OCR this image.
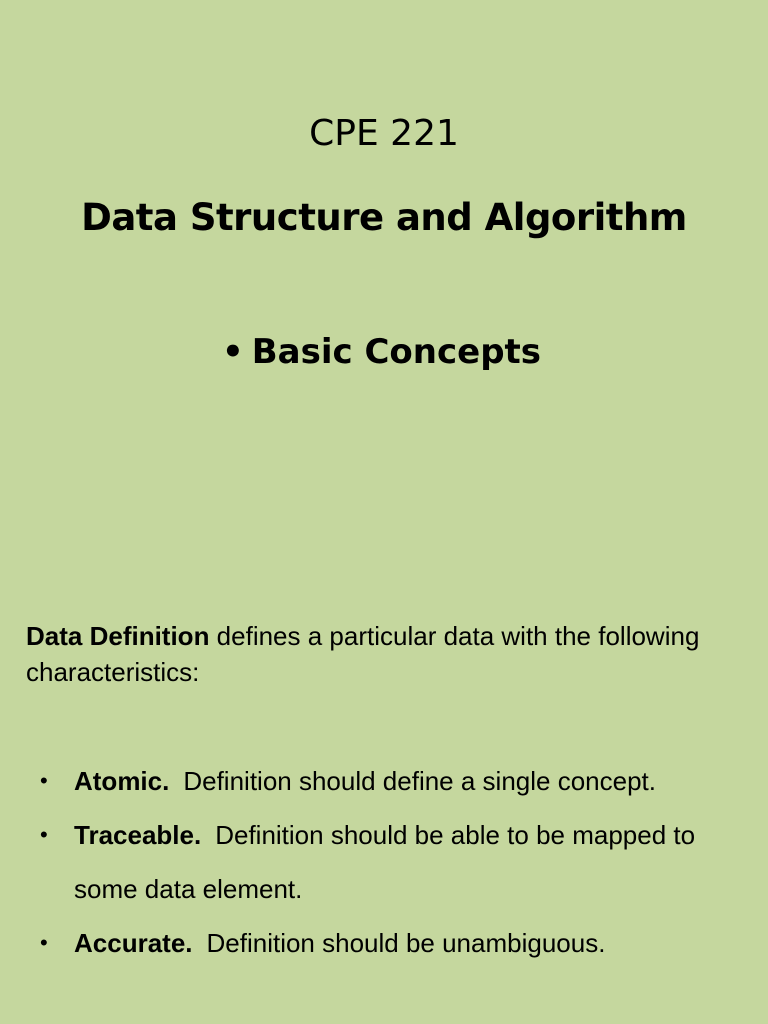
CPE 221
Data Structure and Algorithm
• Basic Concepts

Data Definition defines a particular data with the following characteristics:

• Atomic. Definition should define a single concept.
• Traceable. Definition should be able to be mapped to some data element.
• Accurate. Definition should be unambiguous.
